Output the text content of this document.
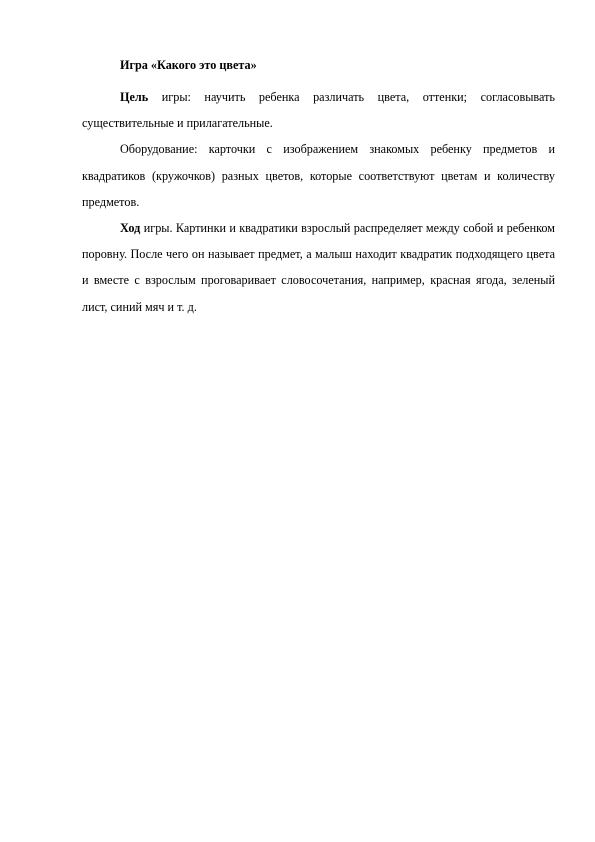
Игра «Какого это цвета»

Цель игры: научить ребенка различать цвета, оттенки; согласовывать существительные и прилагательные.

Оборудование: карточки с изображением знакомых ребенку предметов и квадратиков (кружочков) разных цветов, которые соответствуют цветам и количеству предметов.

Ход игры. Картинки и квадратики взрослый распределяет между собой и ребенком поровну. После чего он называет предмет, а малыш находит квадратик подходящего цвета и вместе с взрослым проговаривает словосочетания, например, красная ягода, зеленый лист, синий мяч и т. д.
